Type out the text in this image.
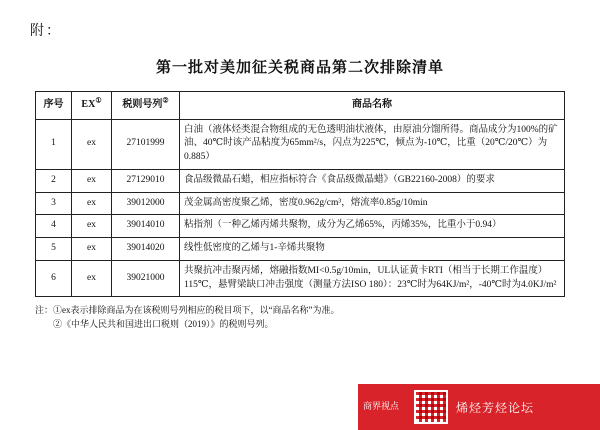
附：
第一批对美加征关税商品第二次排除清单
序号	EX①	税则号列②	商品名称
1	ex	27101999	白油（液体烃类混合物组成的无色透明油状液体，由原油分馏所得。商品成分为100%的矿油、40℃时该产品粘度为65mm²/s，闪点为225℃，倾点为-10℃，比重（20℃/20℃）为0.885）
2	ex	27129010	食品级微晶石蜡，相应指标符合《食品级微晶蜡》（GB22160-2008）的要求
3	ex	39012000	茂金属高密度聚乙烯，密度0.962g/cm³，熔流率0.85g/10min
4	ex	39014010	粘指剂（一种乙烯丙烯共聚物，成分为乙烯65%，丙烯35%，比重小于0.94）
5	ex	39014020	线性低密度的乙烯与1-辛烯共聚物
6	ex	39021000	共聚抗冲击聚丙烯，熔融指数MI<0.5g/10min，UL认证黄卡RTI（相当于长期工作温度）115℃，悬臂梁缺口冲击强度（测量方法ISO 180）：23℃时为64KJ/m²，-40℃时为4.0KJ/m²
注：①ex表示排除商品为在该税则号列相应的税目项下，以“商品名称”为准。
②《中华人民共和国进出口税则（2019）》的税则号列。
商界视点	烯烃芳烃论坛
